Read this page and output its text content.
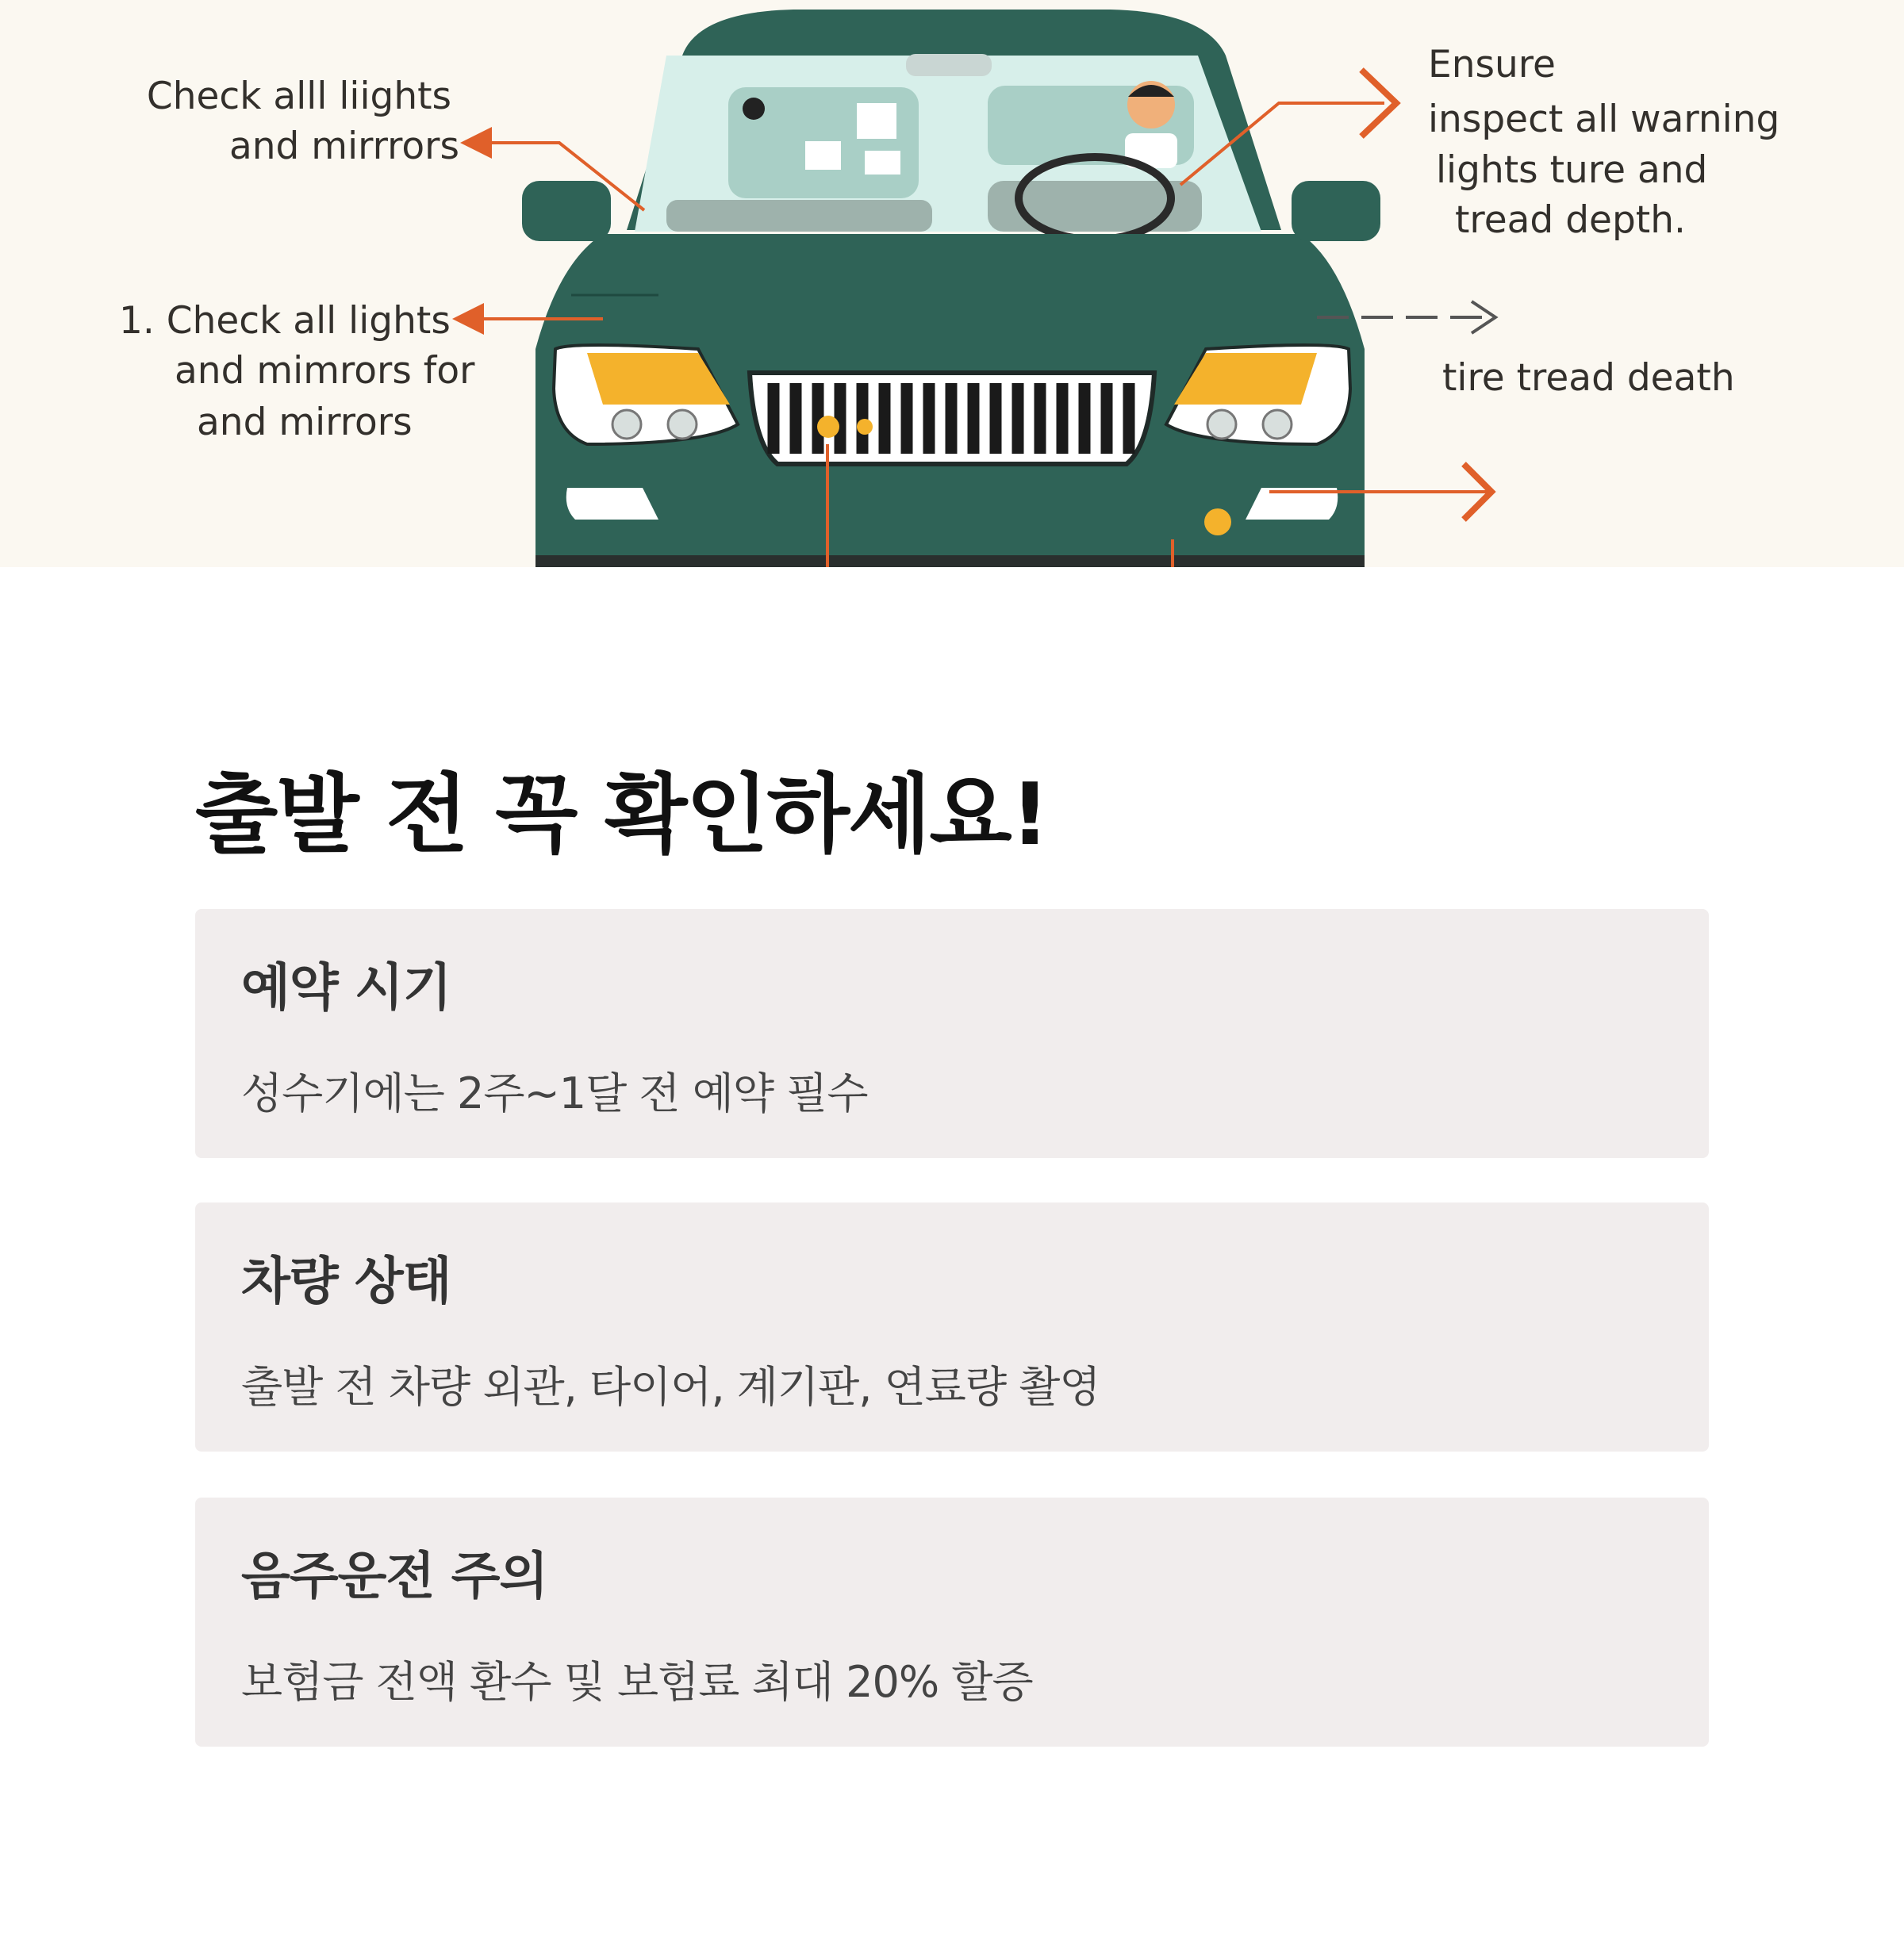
Check alll liights and mirrrors
1. Check all lights and mimrors for and mirrors
Ensure inspect all warning lights ture and tread depth.
tire tread death
출발 전 꼭 확인하세요!
예약 시기

성수기에는 2주~1달 전 예약 필수

차량 상태

출발 전 차량 외관, 타이어, 계기판, 연료량 촬영

음주운전 주의

보험금 전액 환수 및 보험료 최대 20% 할증
